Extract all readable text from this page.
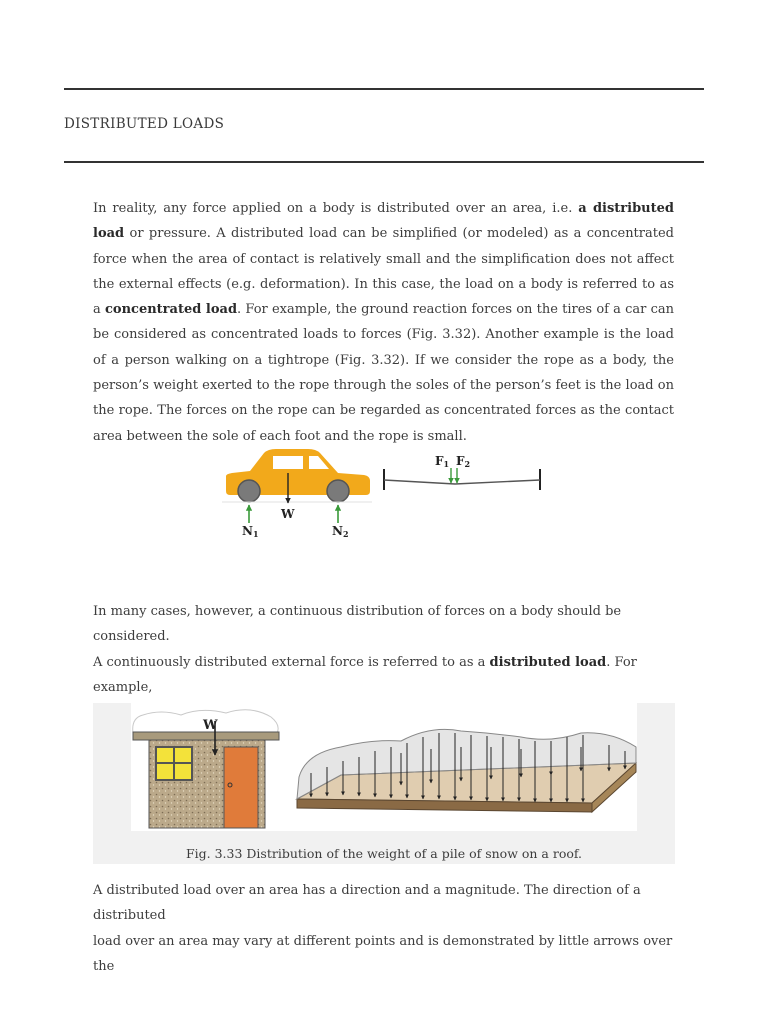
DISTRIBUTED LOADS

In reality, any force applied on a body is distributed over an area, i.e. a distributed load or pressure. A distributed load can be simplified (or modeled) as a concentrated force when the area of contact is relatively small and the simplification does not affect the external effects (e.g. deformation). In this case, the load on a body is referred to as a concentrated load. For example, the ground reaction forces on the tires of a car can be considered as concentrated loads to forces (Fig. 3.32). Another example is the load of a person walking on a tightrope (Fig. 3.32). If we consider the rope as a body, the person’s weight exerted to the rope through the soles of the person’s feet is the load on the rope. The forces on the rope can be regarded as concentrated forces as the contact area between the sole of each foot and the rope is small.

W
N1	N2
F1 F2

In many cases, however, a continuous distribution of forces on a body should be considered.
A continuously distributed external force is referred to as a distributed load. For example,

W

Fig. 3.33 Distribution of the weight of a pile of snow on a roof.

A distributed load over an area has a direction and a magnitude. The direction of a distributed
load over an area may vary at different points and is demonstrated by little arrows over the
